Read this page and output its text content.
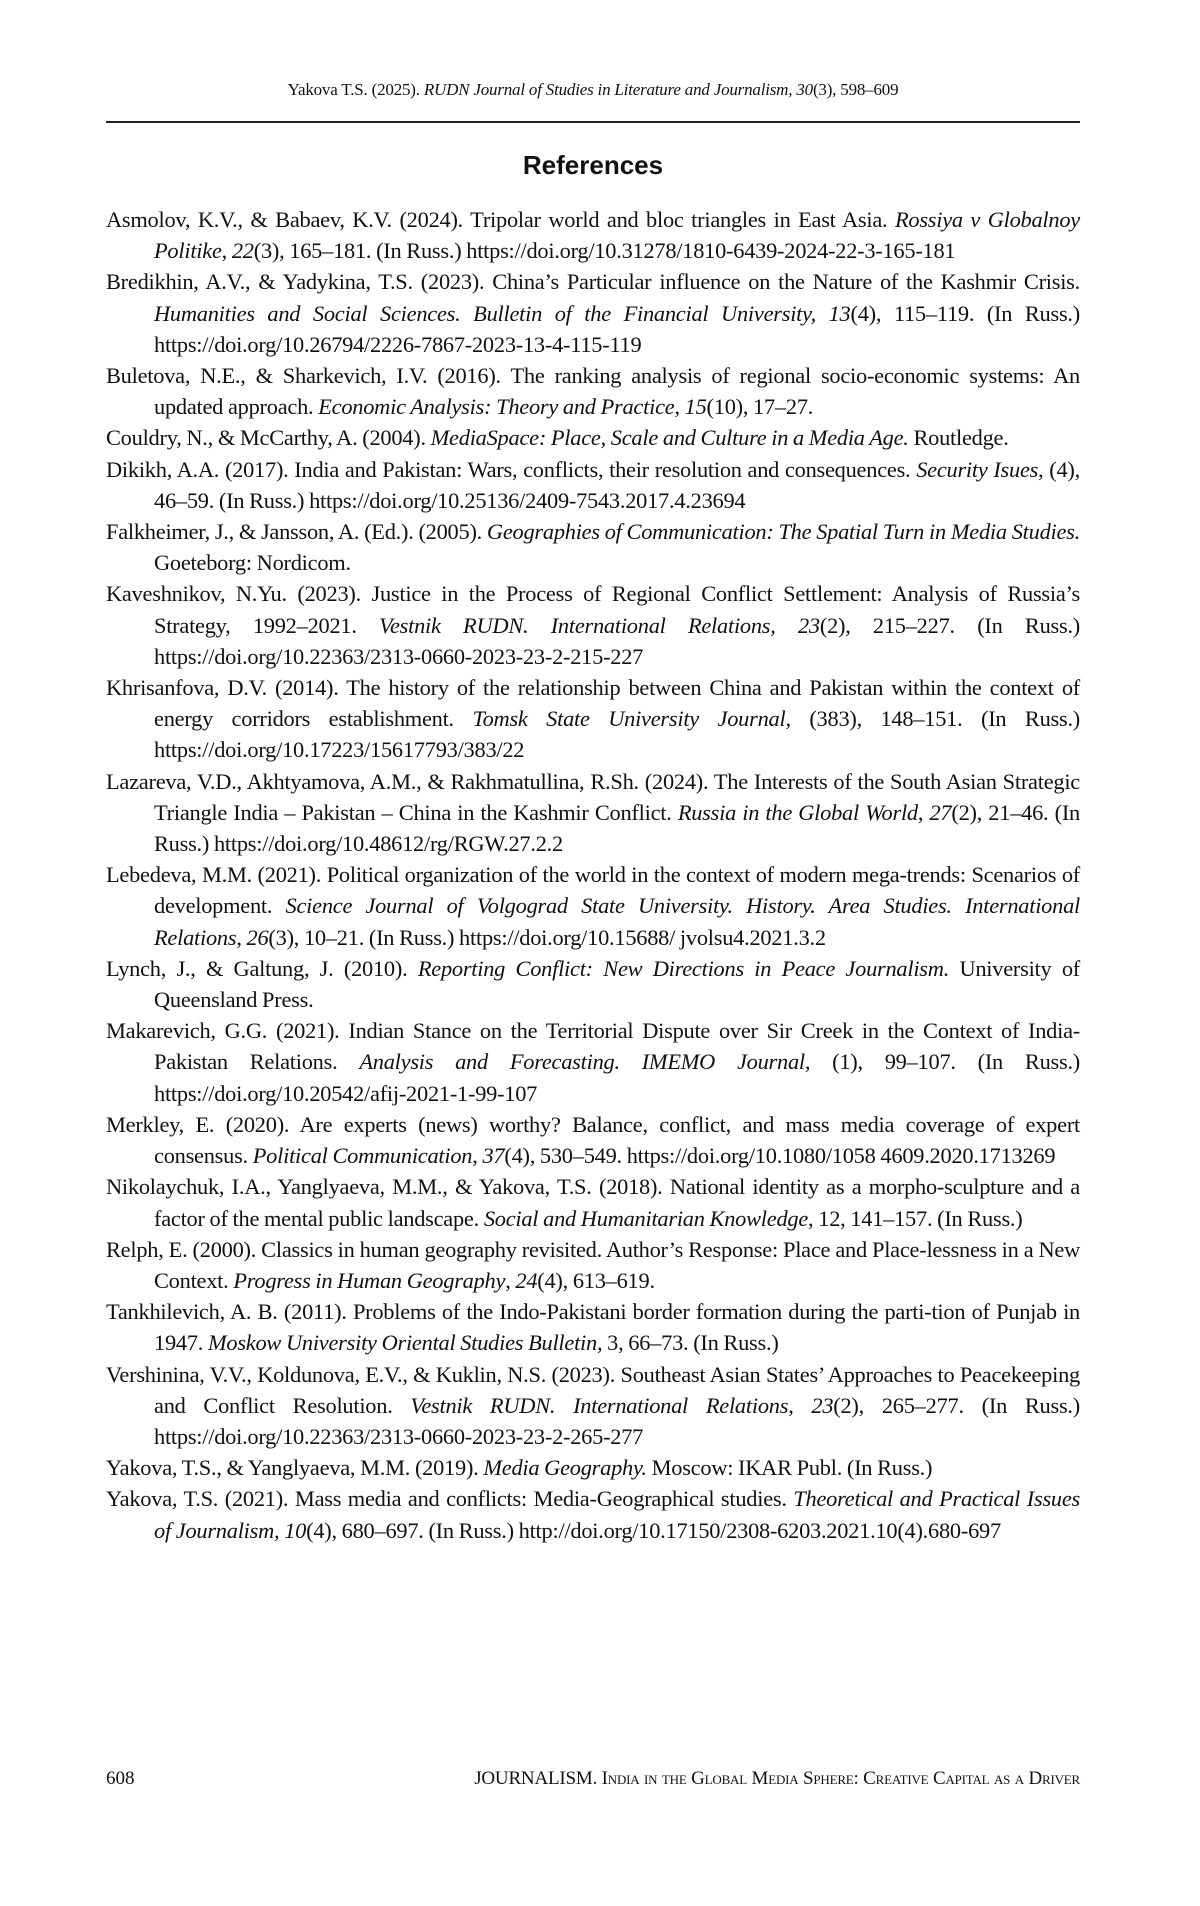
Yakova T.S. (2025). RUDN Journal of Studies in Literature and Journalism, 30(3), 598–609
References
Asmolov, K.V., & Babaev, K.V. (2024). Tripolar world and bloc triangles in East Asia. Rossiya v Globalnoy Politike, 22(3), 165–181. (In Russ.) https://doi.org/10.31278/1810-6439-2024-22-3-165-181
Bredikhin, A.V., & Yadykina, T.S. (2023). China’s Particular influence on the Nature of the Kashmir Crisis. Humanities and Social Sciences. Bulletin of the Financial University, 13(4), 115–119. (In Russ.) https://doi.org/10.26794/2226-7867-2023-13-4-115-119
Buletova, N.E., & Sharkevich, I.V. (2016). The ranking analysis of regional socio-economic systems: An updated approach. Economic Analysis: Theory and Practice, 15(10), 17–27.
Couldry, N., & McCarthy, A. (2004). MediaSpace: Place, Scale and Culture in a Media Age. Routledge.
Dikikh, A.A. (2017). India and Pakistan: Wars, conflicts, their resolution and consequences. Security Isues, (4), 46–59. (In Russ.) https://doi.org/10.25136/2409-7543.2017.4.23694
Falkheimer, J., & Jansson, A. (Ed.). (2005). Geographies of Communication: The Spatial Turn in Media Studies. Goeteborg: Nordicom.
Kaveshnikov, N.Yu. (2023). Justice in the Process of Regional Conflict Settlement: Analysis of Russia’s Strategy, 1992–2021. Vestnik RUDN. International Relations, 23(2), 215–227. (In Russ.) https://doi.org/10.22363/2313-0660-2023-23-2-215-227
Khrisanfova, D.V. (2014). The history of the relationship between China and Pakistan within the context of energy corridors establishment. Tomsk State University Journal, (383), 148–151. (In Russ.) https://doi.org/10.17223/15617793/383/22
Lazareva, V.D., Akhtyamova, A.M., & Rakhmatullina, R.Sh. (2024). The Interests of the South Asian Strategic Triangle India – Pakistan – China in the Kashmir Conflict. Russia in the Global World, 27(2), 21–46. (In Russ.) https://doi.org/10.48612/rg/RGW.27.2.2
Lebedeva, M.M. (2021). Political organization of the world in the context of modern mega-trends: Scenarios of development. Science Journal of Volgograd State University. History. Area Studies. International Relations, 26(3), 10–21. (In Russ.) https://doi.org/10.15688/ jvolsu4.2021.3.2
Lynch, J., & Galtung, J. (2010). Reporting Conflict: New Directions in Peace Journalism. University of Queensland Press.
Makarevich, G.G. (2021). Indian Stance on the Territorial Dispute over Sir Creek in the Context of India-Pakistan Relations. Analysis and Forecasting. IMEMO Journal, (1), 99–107. (In Russ.) https://doi.org/10.20542/afij-2021-1-99-107
Merkley, E. (2020). Are experts (news) worthy? Balance, conflict, and mass media coverage of expert consensus. Political Communication, 37(4), 530–549. https://doi.org/10.1080/1058 4609.2020.1713269
Nikolaychuk, I.A., Yanglyaeva, M.M., & Yakova, T.S. (2018). National identity as a morpho-sculpture and a factor of the mental public landscape. Social and Humanitarian Knowledge, 12, 141–157. (In Russ.)
Relph, E. (2000). Classics in human geography revisited. Author’s Response: Place and Place-lessness in a New Context. Progress in Human Geography, 24(4), 613–619.
Tankhilevich, A. B. (2011). Problems of the Indo-Pakistani border formation during the parti-tion of Punjab in 1947. Moskow University Oriental Studies Bulletin, 3, 66–73. (In Russ.)
Vershinina, V.V., Koldunova, E.V., & Kuklin, N.S. (2023). Southeast Asian States’ Approaches to Peacekeeping and Conflict Resolution. Vestnik RUDN. International Relations, 23(2), 265–277. (In Russ.) https://doi.org/10.22363/2313-0660-2023-23-2-265-277
Yakova, T.S., & Yanglyaeva, M.M. (2019). Media Geography. Moscow: IKAR Publ. (In Russ.)
Yakova, T.S. (2021). Mass media and conflicts: Media-Geographical studies. Theoretical and Practical Issues of Journalism, 10(4), 680–697. (In Russ.) http://doi.org/10.17150/2308-6203.2021.10(4).680-697
608	JOURNALISM. India in the Global Media Sphere: Creative Capital as a Driver
